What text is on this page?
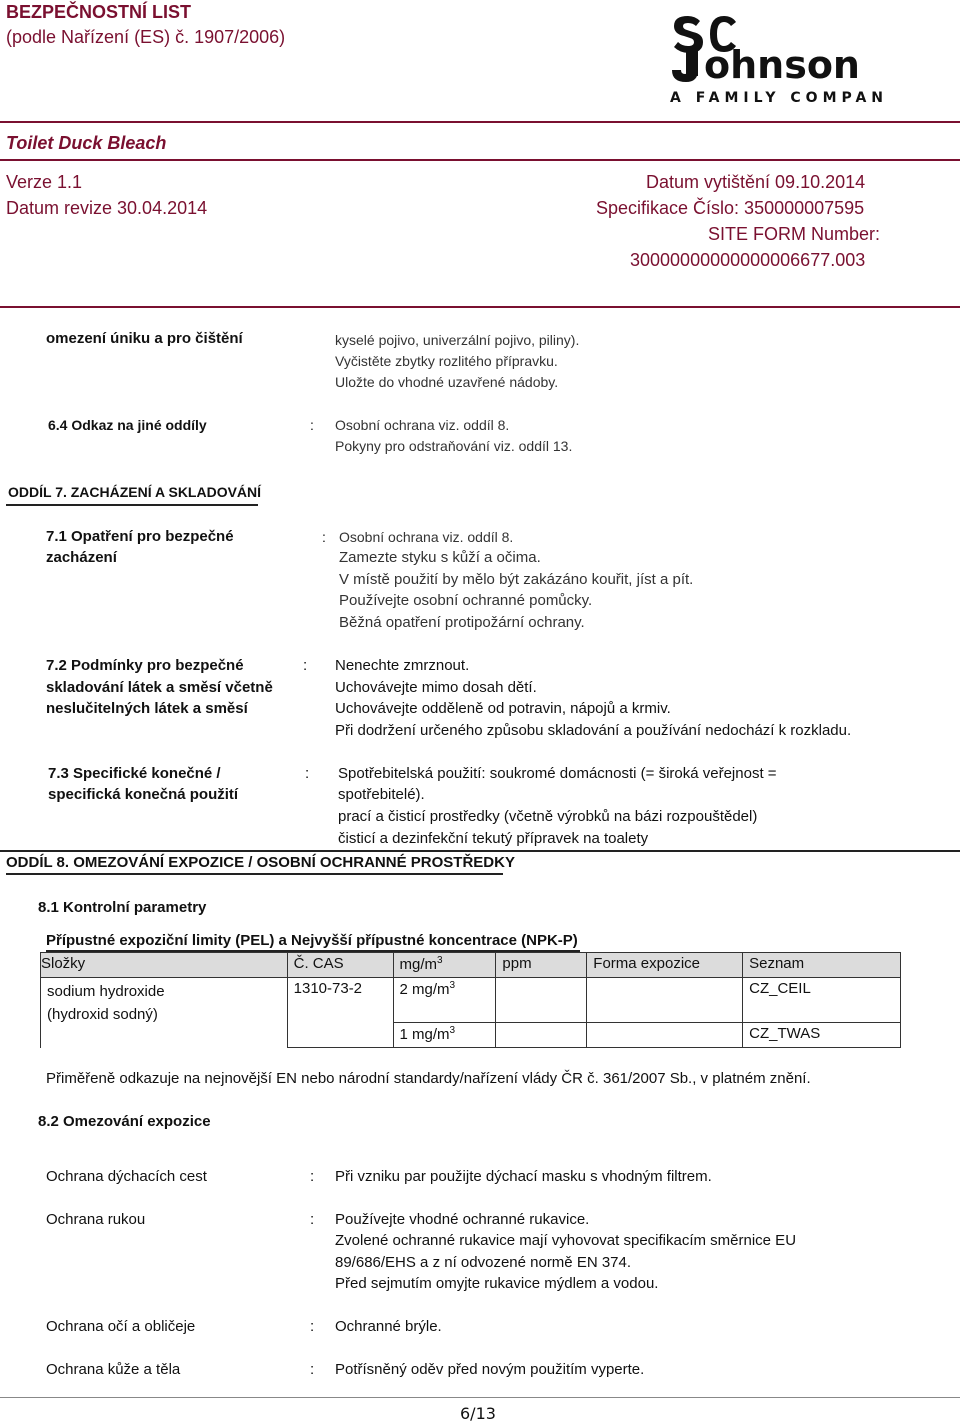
BEZPEČNOSTNÍ LIST
(podle Nařízení (ES) č. 1907/2006)
ohnson
A FAMILY COMPANY
Toilet Duck Bleach
Verze 1.1
Datum revize 30.04.2014
Datum vytištění 09.10.2014
Specifikace Číslo: 350000007595
SITE FORM Number:
30000000000000006677.003
omezení úniku a pro čištění	kyselé pojivo, univerzální pojivo, piliny).
Vyčistěte zbytky rozlitého přípravku.
Uložte do vhodné uzavřené nádoby.
6.4 Odkaz na jiné oddíly	: Osobní ochrana viz. oddíl 8.
Pokyny pro odstraňování viz. oddíl 13.
ODDÍL 7. ZACHÁZENÍ A SKLADOVÁNÍ
7.1 Opatření pro bezpečné
zacházení
: Osobní ochrana viz. oddíl 8.
Zamezte styku s kůží a očima.
V místě použití by mělo být zakázáno kouřit, jíst a pít.
Používejte osobní ochranné pomůcky.
Běžná opatření protipožární ochrany.
7.2 Podmínky pro bezpečné
skladování látek a směsí včetně
neslučitelných látek a směsí
: Nenechte zmrznout.
Uchovávejte mimo dosah dětí.
Uchovávejte odděleně od potravin, nápojů a krmiv.
Při dodržení určeného způsobu skladování a používání nedochází k rozkladu.
7.3 Specifické konečné /
specifická konečná použití
: Spotřebitelská použití: soukromé domácnosti (= široká veřejnost =
spotřebitelé).
prací a čisticí prostředky (včetně výrobků na bázi rozpouštědel)
čisticí a dezinfekční tekutý přípravek na toalety
ODDÍL 8. OMEZOVÁNÍ EXPOZICE / OSOBNÍ OCHRANNÉ PROSTŘEDKY
8.1 Kontrolní parametry
Přípustné expoziční limity (PEL) a Nejvyšší přípustné koncentrace (NPK-P)
Složky	Č. CAS	$mg/m^3$	ppm	Forma expozice	Seznam

sodium hydroxide
(hydroxid sodný)	1310-73-2	2 $mg/m^3$			CZ_CEIL
		1 $mg/m^3$			CZ_TWAS
Přiměřeně odkazuje na nejnovější EN nebo národní standardy/nařízení vlády ČR č. 361/2007 Sb., v platném znění.
8.2 Omezování expozice
Ochrana dýchacích cest	: Při vzniku par použijte dýchací masku s vhodným filtrem.
Ochrana rukou	: Používejte vhodné ochranné rukavice.
Zvolené ochranné rukavice mají vyhovovat specifikacím směrnice EU
89/686/EHS a z ní odvozené normě EN 374.
Před sejmutím omyjte rukavice mýdlem a vodou.
Ochrana očí a obličeje	: Ochranné brýle.
Ochrana kůže a těla	: Potřísněný oděv před novým použitím vyperte.
6/13
